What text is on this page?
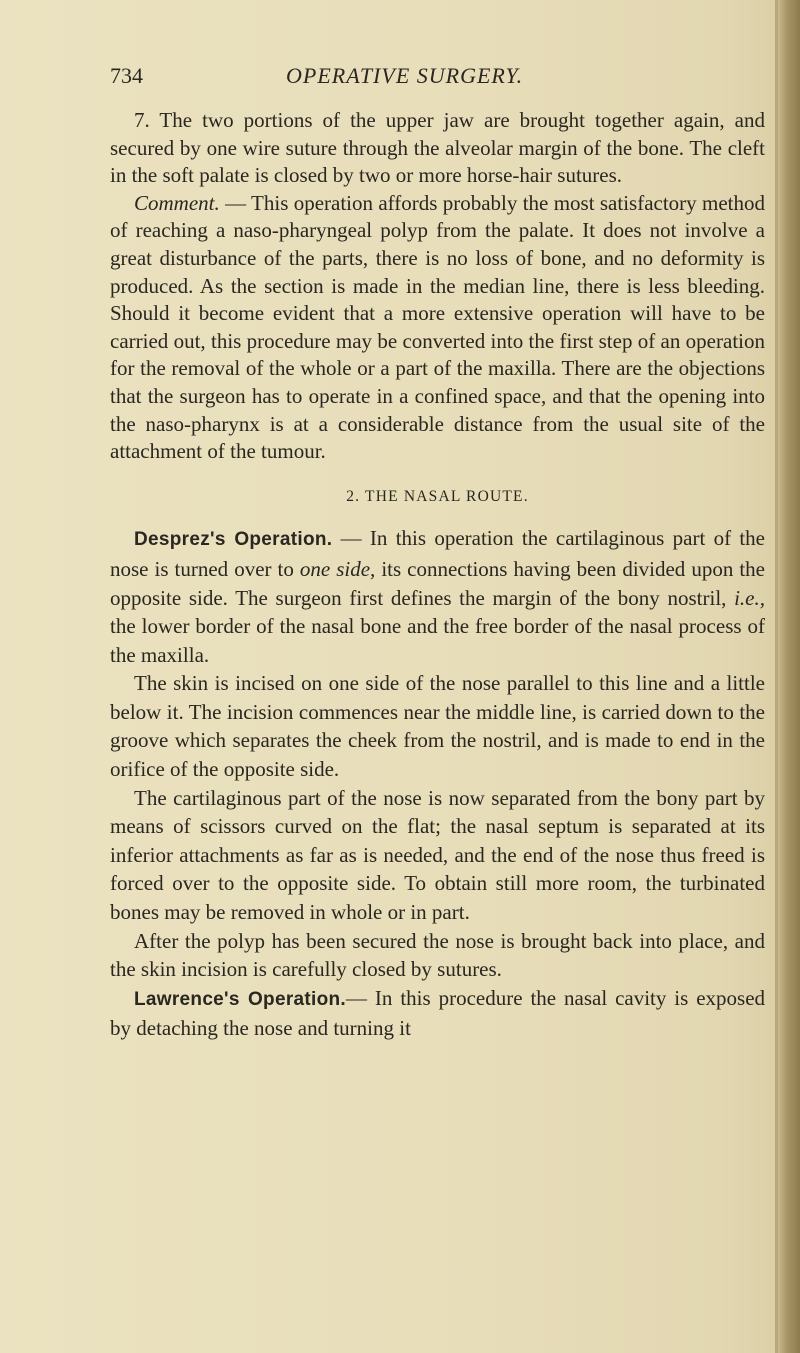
734	OPERATIVE SURGERY.

7. The two portions of the upper jaw are brought together again, and secured by one wire suture through the alveolar margin of the bone. The cleft in the soft palate is closed by two or more horse-hair sutures.

Comment. — This operation affords probably the most satisfactory method of reaching a naso-pharyngeal polyp from the palate. It does not involve a great disturbance of the parts, there is no loss of bone, and no deformity is produced. As the section is made in the median line, there is less bleeding. Should it become evident that a more extensive operation will have to be carried out, this procedure may be converted into the first step of an operation for the removal of the whole or a part of the maxilla. There are the objections that the surgeon has to operate in a confined space, and that the opening into the naso-pharynx is at a considerable distance from the usual site of the attachment of the tumour.

2. THE NASAL ROUTE.

Desprez's Operation. — In this operation the cartilaginous part of the nose is turned over to one side, its connections having been divided upon the opposite side. The surgeon first defines the margin of the bony nostril, i.e., the lower border of the nasal bone and the free border of the nasal process of the maxilla.

The skin is incised on one side of the nose parallel to this line and a little below it. The incision commences near the middle line, is carried down to the groove which separates the cheek from the nostril, and is made to end in the orifice of the opposite side.

The cartilaginous part of the nose is now separated from the bony part by means of scissors curved on the flat; the nasal septum is separated at its inferior attachments as far as is needed, and the end of the nose thus freed is forced over to the opposite side. To obtain still more room, the turbinated bones may be removed in whole or in part.

After the polyp has been secured the nose is brought back into place, and the skin incision is carefully closed by sutures.

Lawrence's Operation.— In this procedure the nasal cavity is exposed by detaching the nose and turning it
